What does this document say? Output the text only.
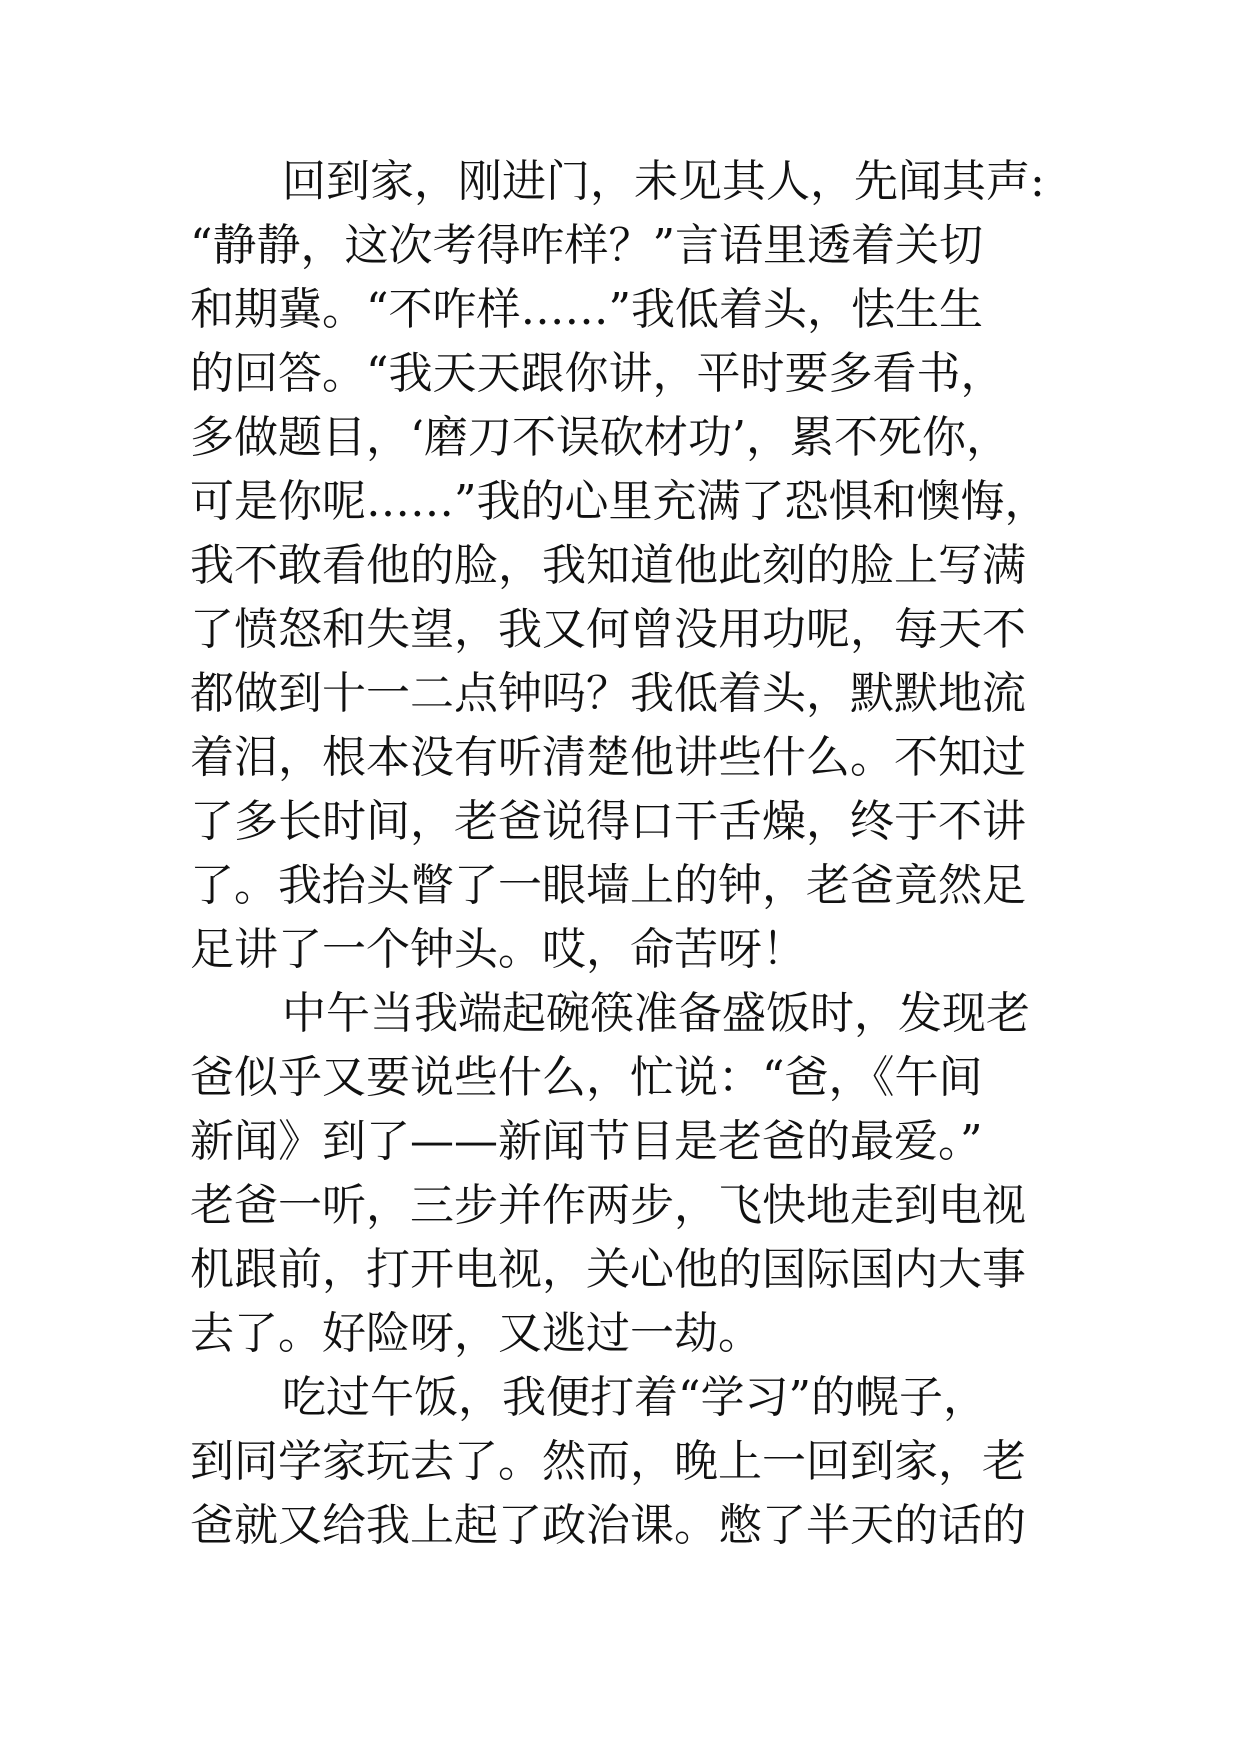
回到家，刚进门，未见其人，先闻其声:
“静静，这次考得咋样？”言语里透着关切
和期冀。“不咋样……”我低着头，怯生生
的回答。“我天天跟你讲，平时要多看书，
多做题目，‘磨刀不误砍材功’，累不死你，
可是你呢……”我的心里充满了恐惧和懊悔，
我不敢看他的脸，我知道他此刻的脸上写满
了愤怒和失望，我又何曾没用功呢，每天不
都做到十一二点钟吗？我低着头，默默地流
着泪，根本没有听清楚他讲些什么。不知过
了多长时间，老爸说得口干舌燥，终于不讲
了。我抬头瞥了一眼墙上的钟，老爸竟然足
足讲了一个钟头。哎，命苦呀！
中午当我端起碗筷准备盛饭时，发现老
爸似乎又要说些什么，忙说：“爸，《午间
新闻》到了——新闻节目是老爸的最爱。”
老爸一听，三步并作两步，飞快地走到电视
机跟前，打开电视，关心他的国际国内大事
去了。好险呀，又逃过一劫。
吃过午饭，我便打着“学习”的幌子，
到同学家玩去了。然而，晚上一回到家，老
爸就又给我上起了政治课。憋了半天的话的
